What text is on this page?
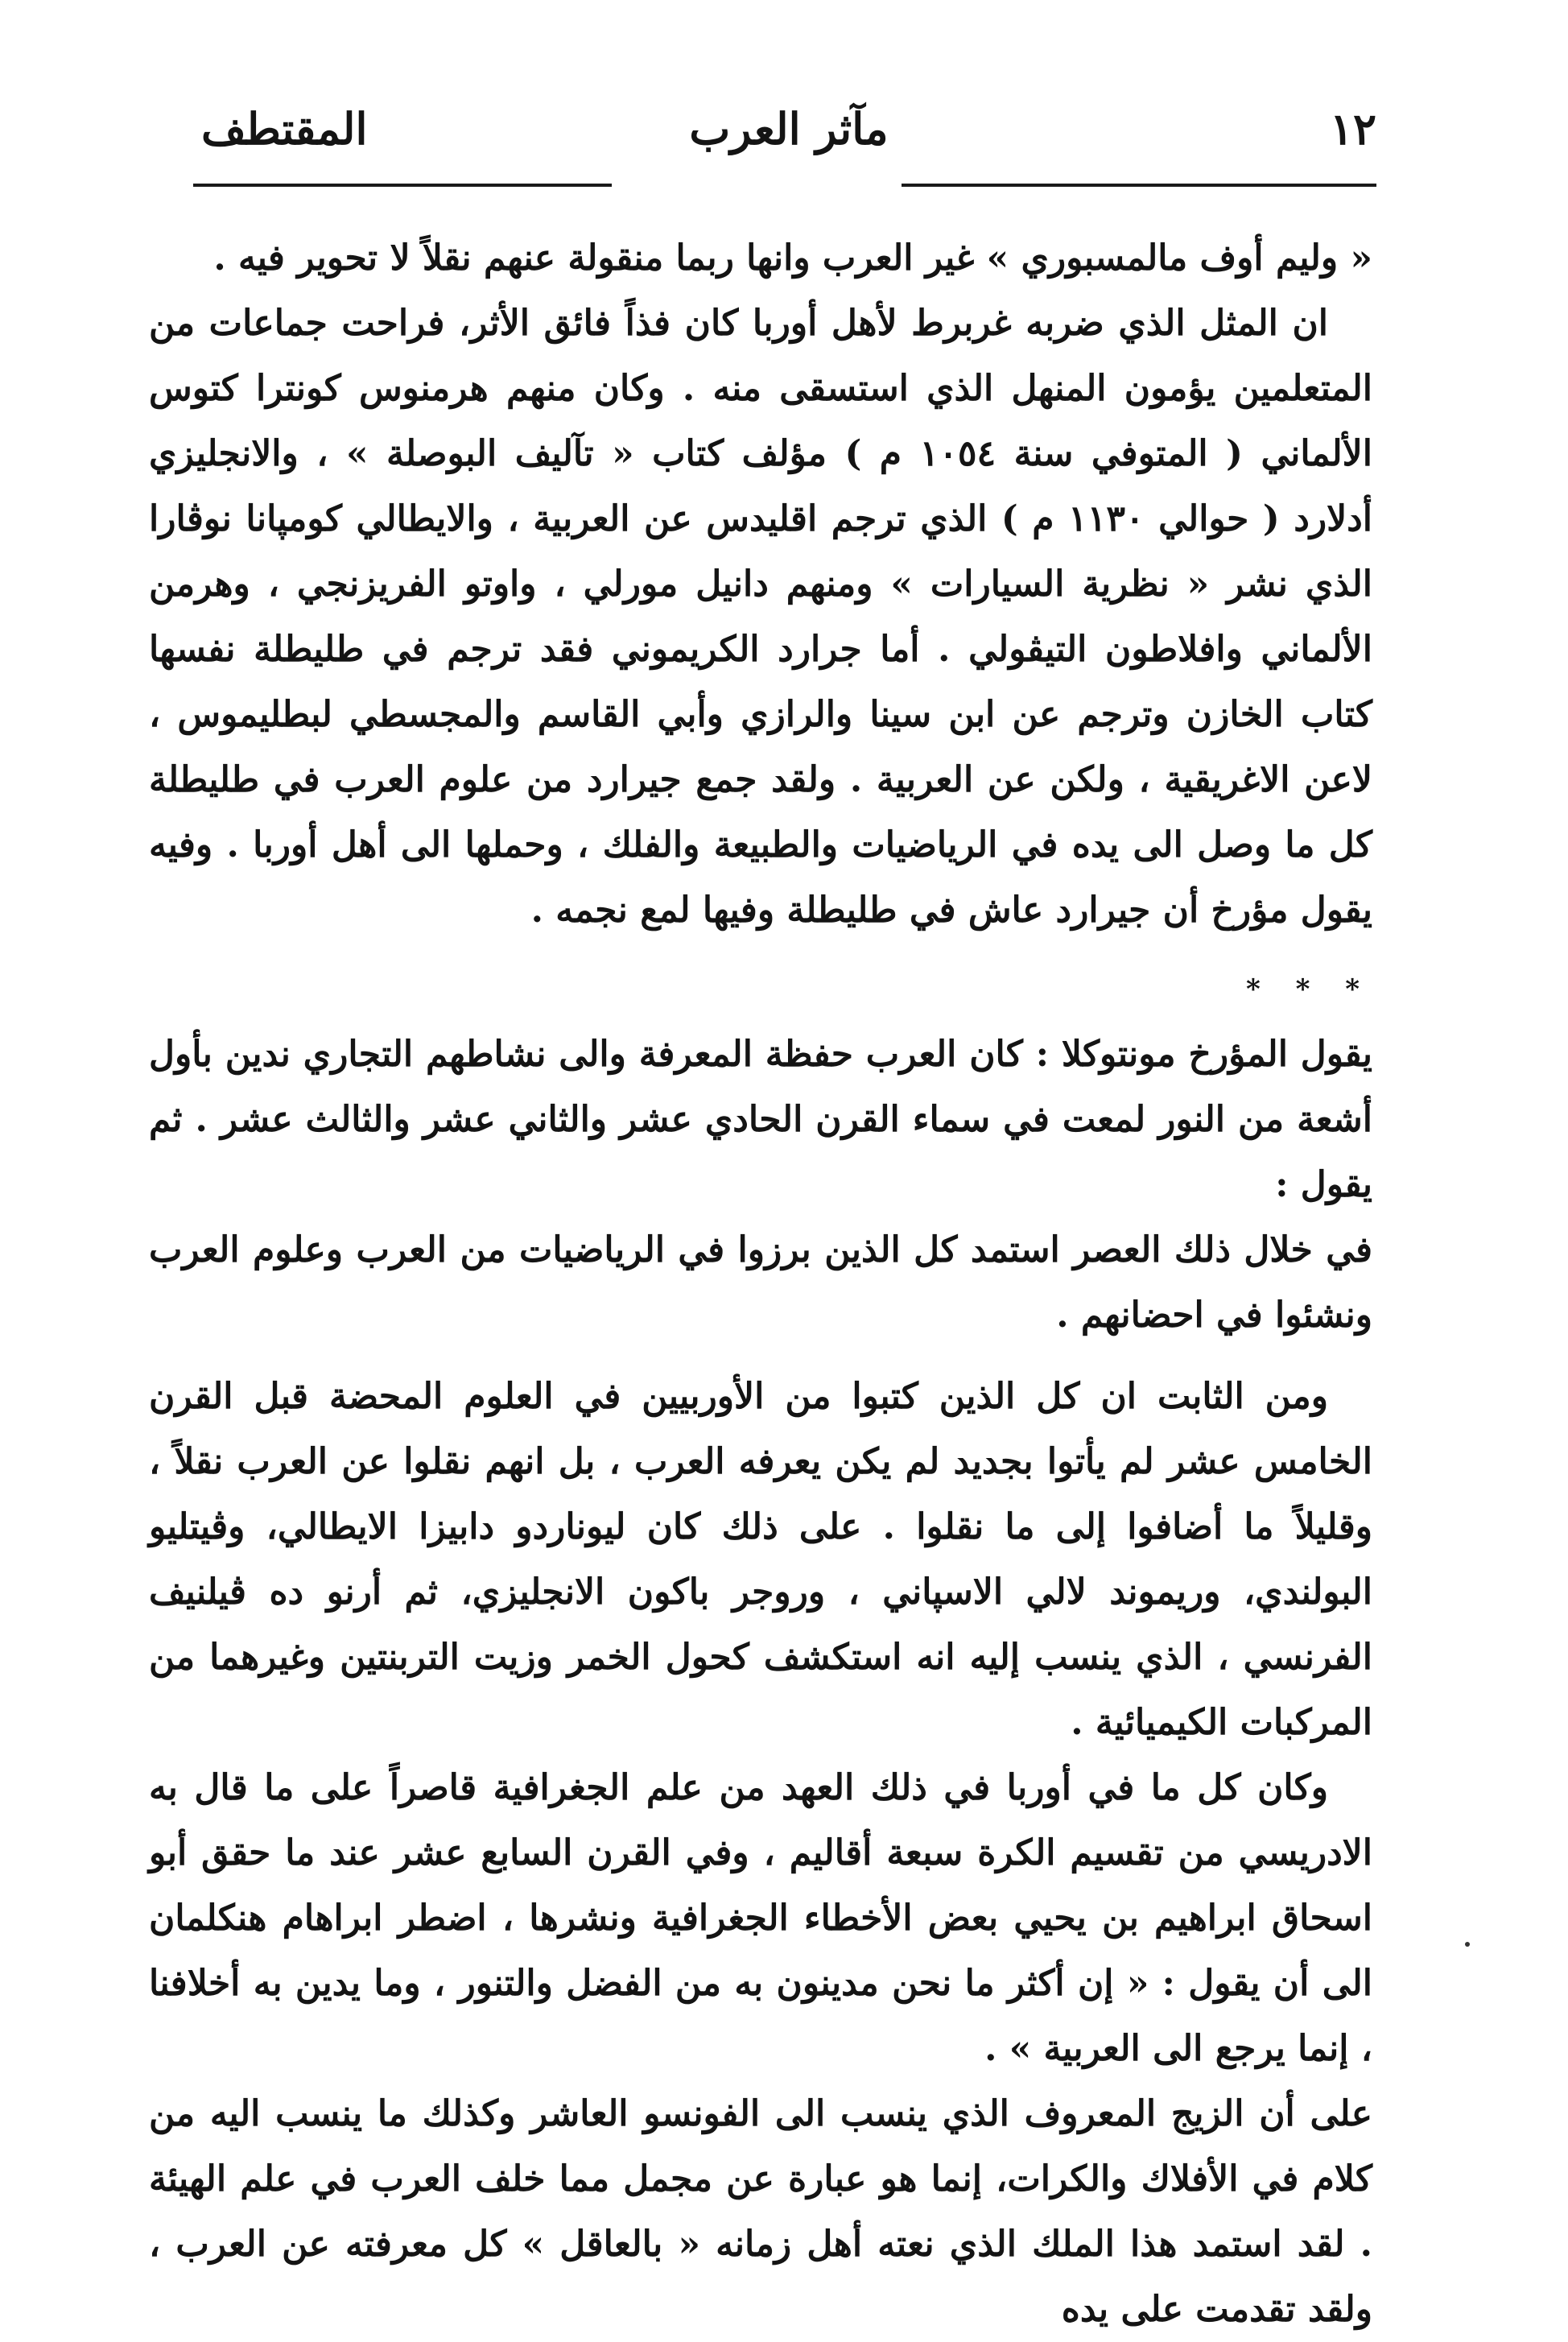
١٢
مآثر العرب
المقتطف

« وليم أوف مالمسبوري » غير العرب وانها ربما منقولة عنهم نقلاً لا تحوير فيه .

ان المثل الذي ضربه غربرط لأهل أوربا كان فذاً فائق الأثر، فراحت جماعات من المتعلمين يؤمون المنهل الذي استسقى منه . وكان منهم هرمنوس كونترا كتوس الألماني ( المتوفي سنة ١٠٥٤ م ) مؤلف كتاب « تآليف البوصلة » ، والانجليزي أدلارد ( حوالي ١١٣٠ م ) الذي ترجم اقليدس عن العربية ، والايطالي كومپانا نوڤارا الذي نشر « نظرية السيارات » ومنهم دانيل مورلي ، واوتو الفريزنجي ، وهرمن الألماني وافلاطون التيڤولي . أما جرارد الكريموني فقد ترجم في طليطلة نفسها كتاب الخازن وترجم عن ابن سينا والرازي وأبي القاسم والمجسطي لبطليموس ، لاعن الاغريقية ، ولكن عن العربية . ولقد جمع جيرارد من علوم العرب في طليطلة كل ما وصل الى يده في الرياضيات والطبيعة والفلك ، وحملها الى أهل أوربا . وفيه يقول مؤرخ أن جيرارد عاش في طليطلة وفيها لمع نجمه .

* * *

يقول المؤرخ مونتوكلا : كان العرب حفظة المعرفة والى نشاطهم التجاري ندين بأول أشعة من النور لمعت في سماء القرن الحادي عشر والثاني عشر والثالث عشر . ثم يقول :

في خلال ذلك العصر استمد كل الذين برزوا في الرياضيات من العرب وعلوم العرب ونشئوا في احضانهم .

ومن الثابت ان كل الذين كتبوا من الأوربيين في العلوم المحضة قبل القرن الخامس عشر لم يأتوا بجديد لم يكن يعرفه العرب ، بل انهم نقلوا عن العرب نقلاً ، وقليلاً ما أضافوا إلى ما نقلوا . على ذلك كان ليوناردو دابيزا الايطالي، وڤيتليو البولندي، وريموند لالي الاسپاني ، وروجر باكون الانجليزي، ثم أرنو ده ڤيلنيف الفرنسي ، الذي ينسب إليه انه استكشف كحول الخمر وزيت التربنتين وغيرهما من المركبات الكيميائية .

وكان كل ما في أوربا في ذلك العهد من علم الجغرافية قاصراً على ما قال به الادريسي من تقسيم الكرة سبعة أقاليم ، وفي القرن السابع عشر عند ما حقق أبو اسحاق ابراهيم بن يحيي بعض الأخطاء الجغرافية ونشرها ، اضطر ابراهام هنكلمان الى أن يقول : « إن أكثر ما نحن مدينون به من الفضل والتنور ، وما يدين به أخلافنا ، إنما يرجع الى العربية » .

على أن الزيج المعروف الذي ينسب الى الفونسو العاشر وكذلك ما ينسب اليه من كلام في الأفلاك والكرات، إنما هو عبارة عن مجمل مما خلف العرب في علم الهيئة . لقد استمد هذا الملك الذي نعته أهل زمانه « بالعاقل » كل معرفته عن العرب ، ولقد تقدمت على يده
